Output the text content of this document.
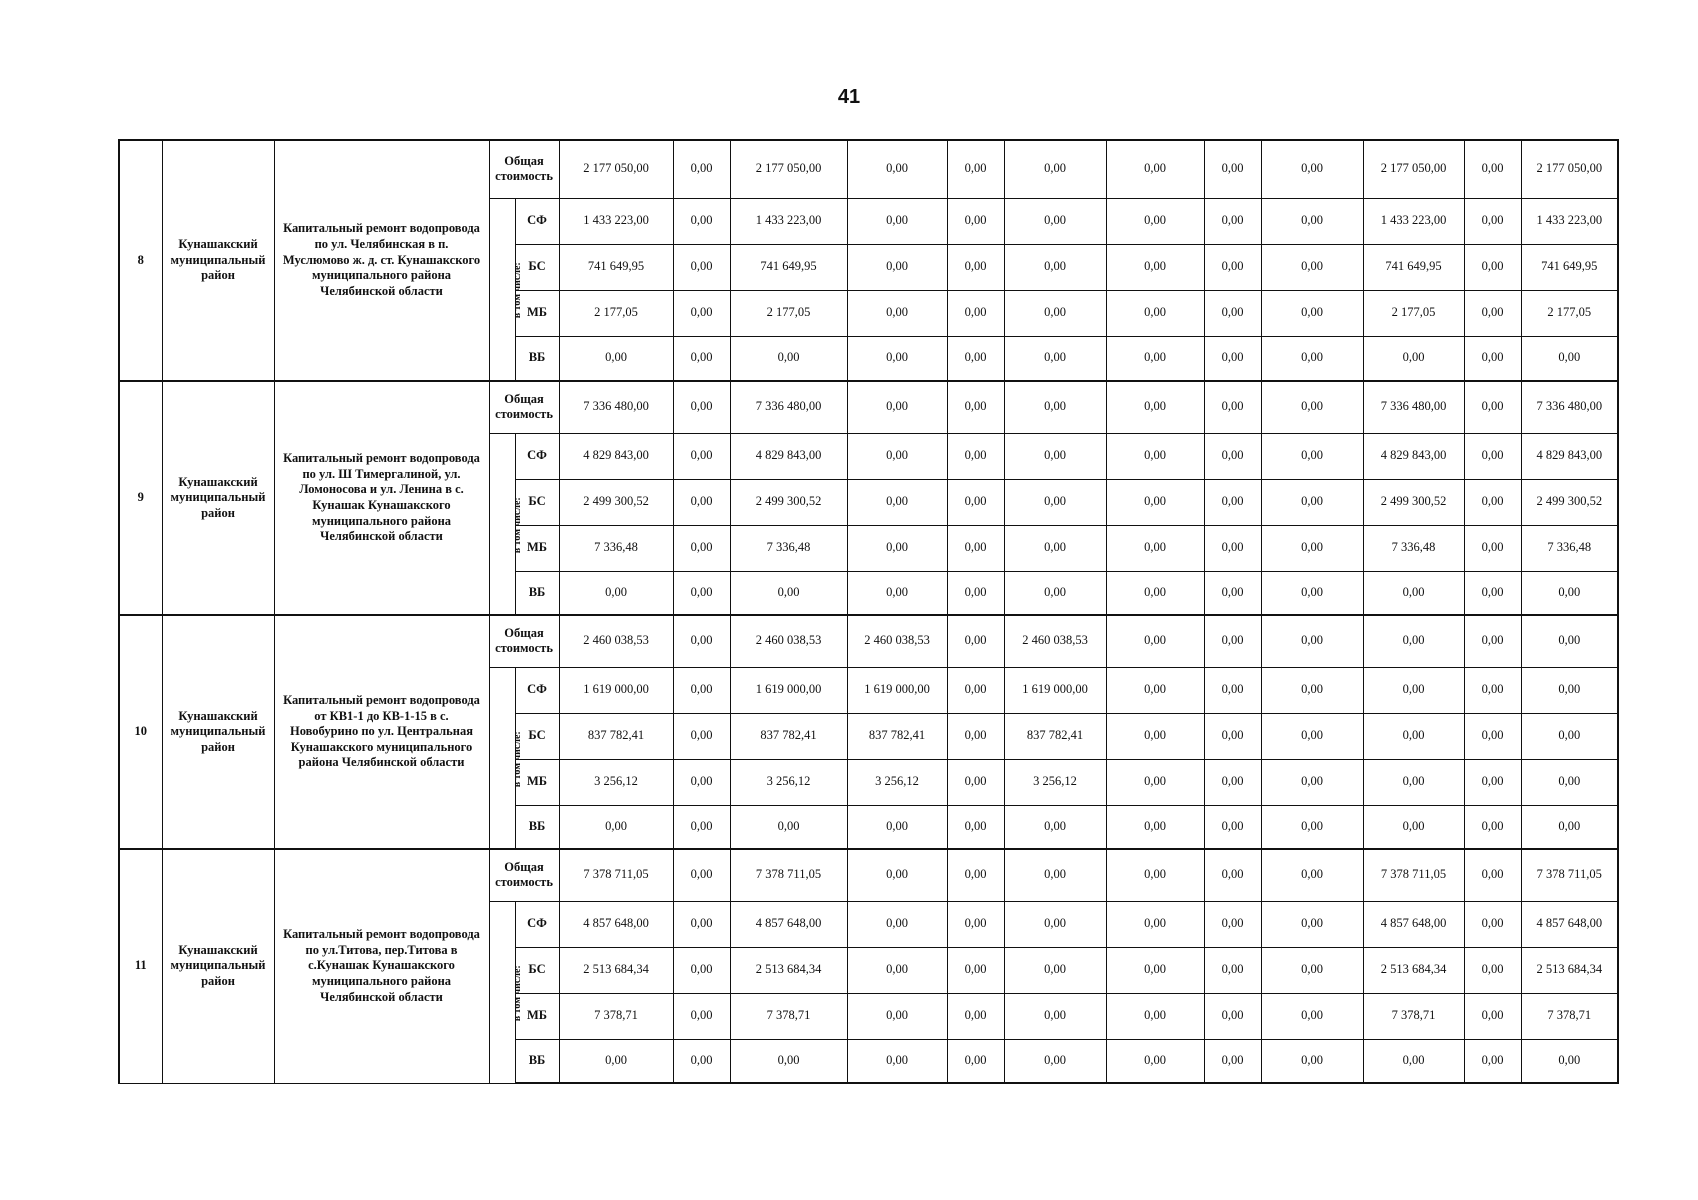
41
8	Кунашакский муниципальный район	Капитальный ремонт водопровода по ул. Челябинская в п. Муслюмово ж. д. ст. Кунашакского муниципального района Челябинской области	Общая стоимость		2 177 050,00	0,00	2 177 050,00	0,00	0,00	0,00	0,00	0,00	0,00	2 177 050,00	0,00	2 177 050,00
			в том числе:	СФ	1 433 223,00	0,00	1 433 223,00	0,00	0,00	0,00	0,00	0,00	0,00	1 433 223,00	0,00	1 433 223,00
				БС	741 649,95	0,00	741 649,95	0,00	0,00	0,00	0,00	0,00	0,00	741 649,95	0,00	741 649,95
				МБ	2 177,05	0,00	2 177,05	0,00	0,00	0,00	0,00	0,00	0,00	2 177,05	0,00	2 177,05
				ВБ	0,00	0,00	0,00	0,00	0,00	0,00	0,00	0,00	0,00	0,00	0,00	0,00
9	Кунашакский муниципальный район	Капитальный ремонт водопровода по ул. Ш Тимергалиной, ул. Ломоносова и ул. Ленина в с. Кунашак Кунашакского муниципального района Челябинской области	Общая стоимость		7 336 480,00	0,00	7 336 480,00	0,00	0,00	0,00	0,00	0,00	0,00	7 336 480,00	0,00	7 336 480,00
			в том числе:	СФ	4 829 843,00	0,00	4 829 843,00	0,00	0,00	0,00	0,00	0,00	0,00	4 829 843,00	0,00	4 829 843,00
				БС	2 499 300,52	0,00	2 499 300,52	0,00	0,00	0,00	0,00	0,00	0,00	2 499 300,52	0,00	2 499 300,52
				МБ	7 336,48	0,00	7 336,48	0,00	0,00	0,00	0,00	0,00	0,00	7 336,48	0,00	7 336,48
				ВБ	0,00	0,00	0,00	0,00	0,00	0,00	0,00	0,00	0,00	0,00	0,00	0,00
10	Кунашакский муниципальный район	Капитальный ремонт водопровода от КВ1-1 до КВ-1-15 в с. Новобурино по ул. Центральная Кунашакского муниципального района Челябинской области	Общая стоимость		2 460 038,53	0,00	2 460 038,53	2 460 038,53	0,00	2 460 038,53	0,00	0,00	0,00	0,00	0,00	0,00
			в том числе:	СФ	1 619 000,00	0,00	1 619 000,00	1 619 000,00	0,00	1 619 000,00	0,00	0,00	0,00	0,00	0,00	0,00
				БС	837 782,41	0,00	837 782,41	837 782,41	0,00	837 782,41	0,00	0,00	0,00	0,00	0,00	0,00
				МБ	3 256,12	0,00	3 256,12	3 256,12	0,00	3 256,12	0,00	0,00	0,00	0,00	0,00	0,00
				ВБ	0,00	0,00	0,00	0,00	0,00	0,00	0,00	0,00	0,00	0,00	0,00	0,00
11	Кунашакский муниципальный район	Капитальный ремонт водопровода по ул.Титова, пер.Титова в с.Кунашак Кунашакского муниципального района Челябинской области	Общая стоимость		7 378 711,05	0,00	7 378 711,05	0,00	0,00	0,00	0,00	0,00	0,00	7 378 711,05	0,00	7 378 711,05
			в том числе:	СФ	4 857 648,00	0,00	4 857 648,00	0,00	0,00	0,00	0,00	0,00	0,00	4 857 648,00	0,00	4 857 648,00
				БС	2 513 684,34	0,00	2 513 684,34	0,00	0,00	0,00	0,00	0,00	0,00	2 513 684,34	0,00	2 513 684,34
				МБ	7 378,71	0,00	7 378,71	0,00	0,00	0,00	0,00	0,00	0,00	7 378,71	0,00	7 378,71
				ВБ	0,00	0,00	0,00	0,00	0,00	0,00	0,00	0,00	0,00	0,00	0,00	0,00
